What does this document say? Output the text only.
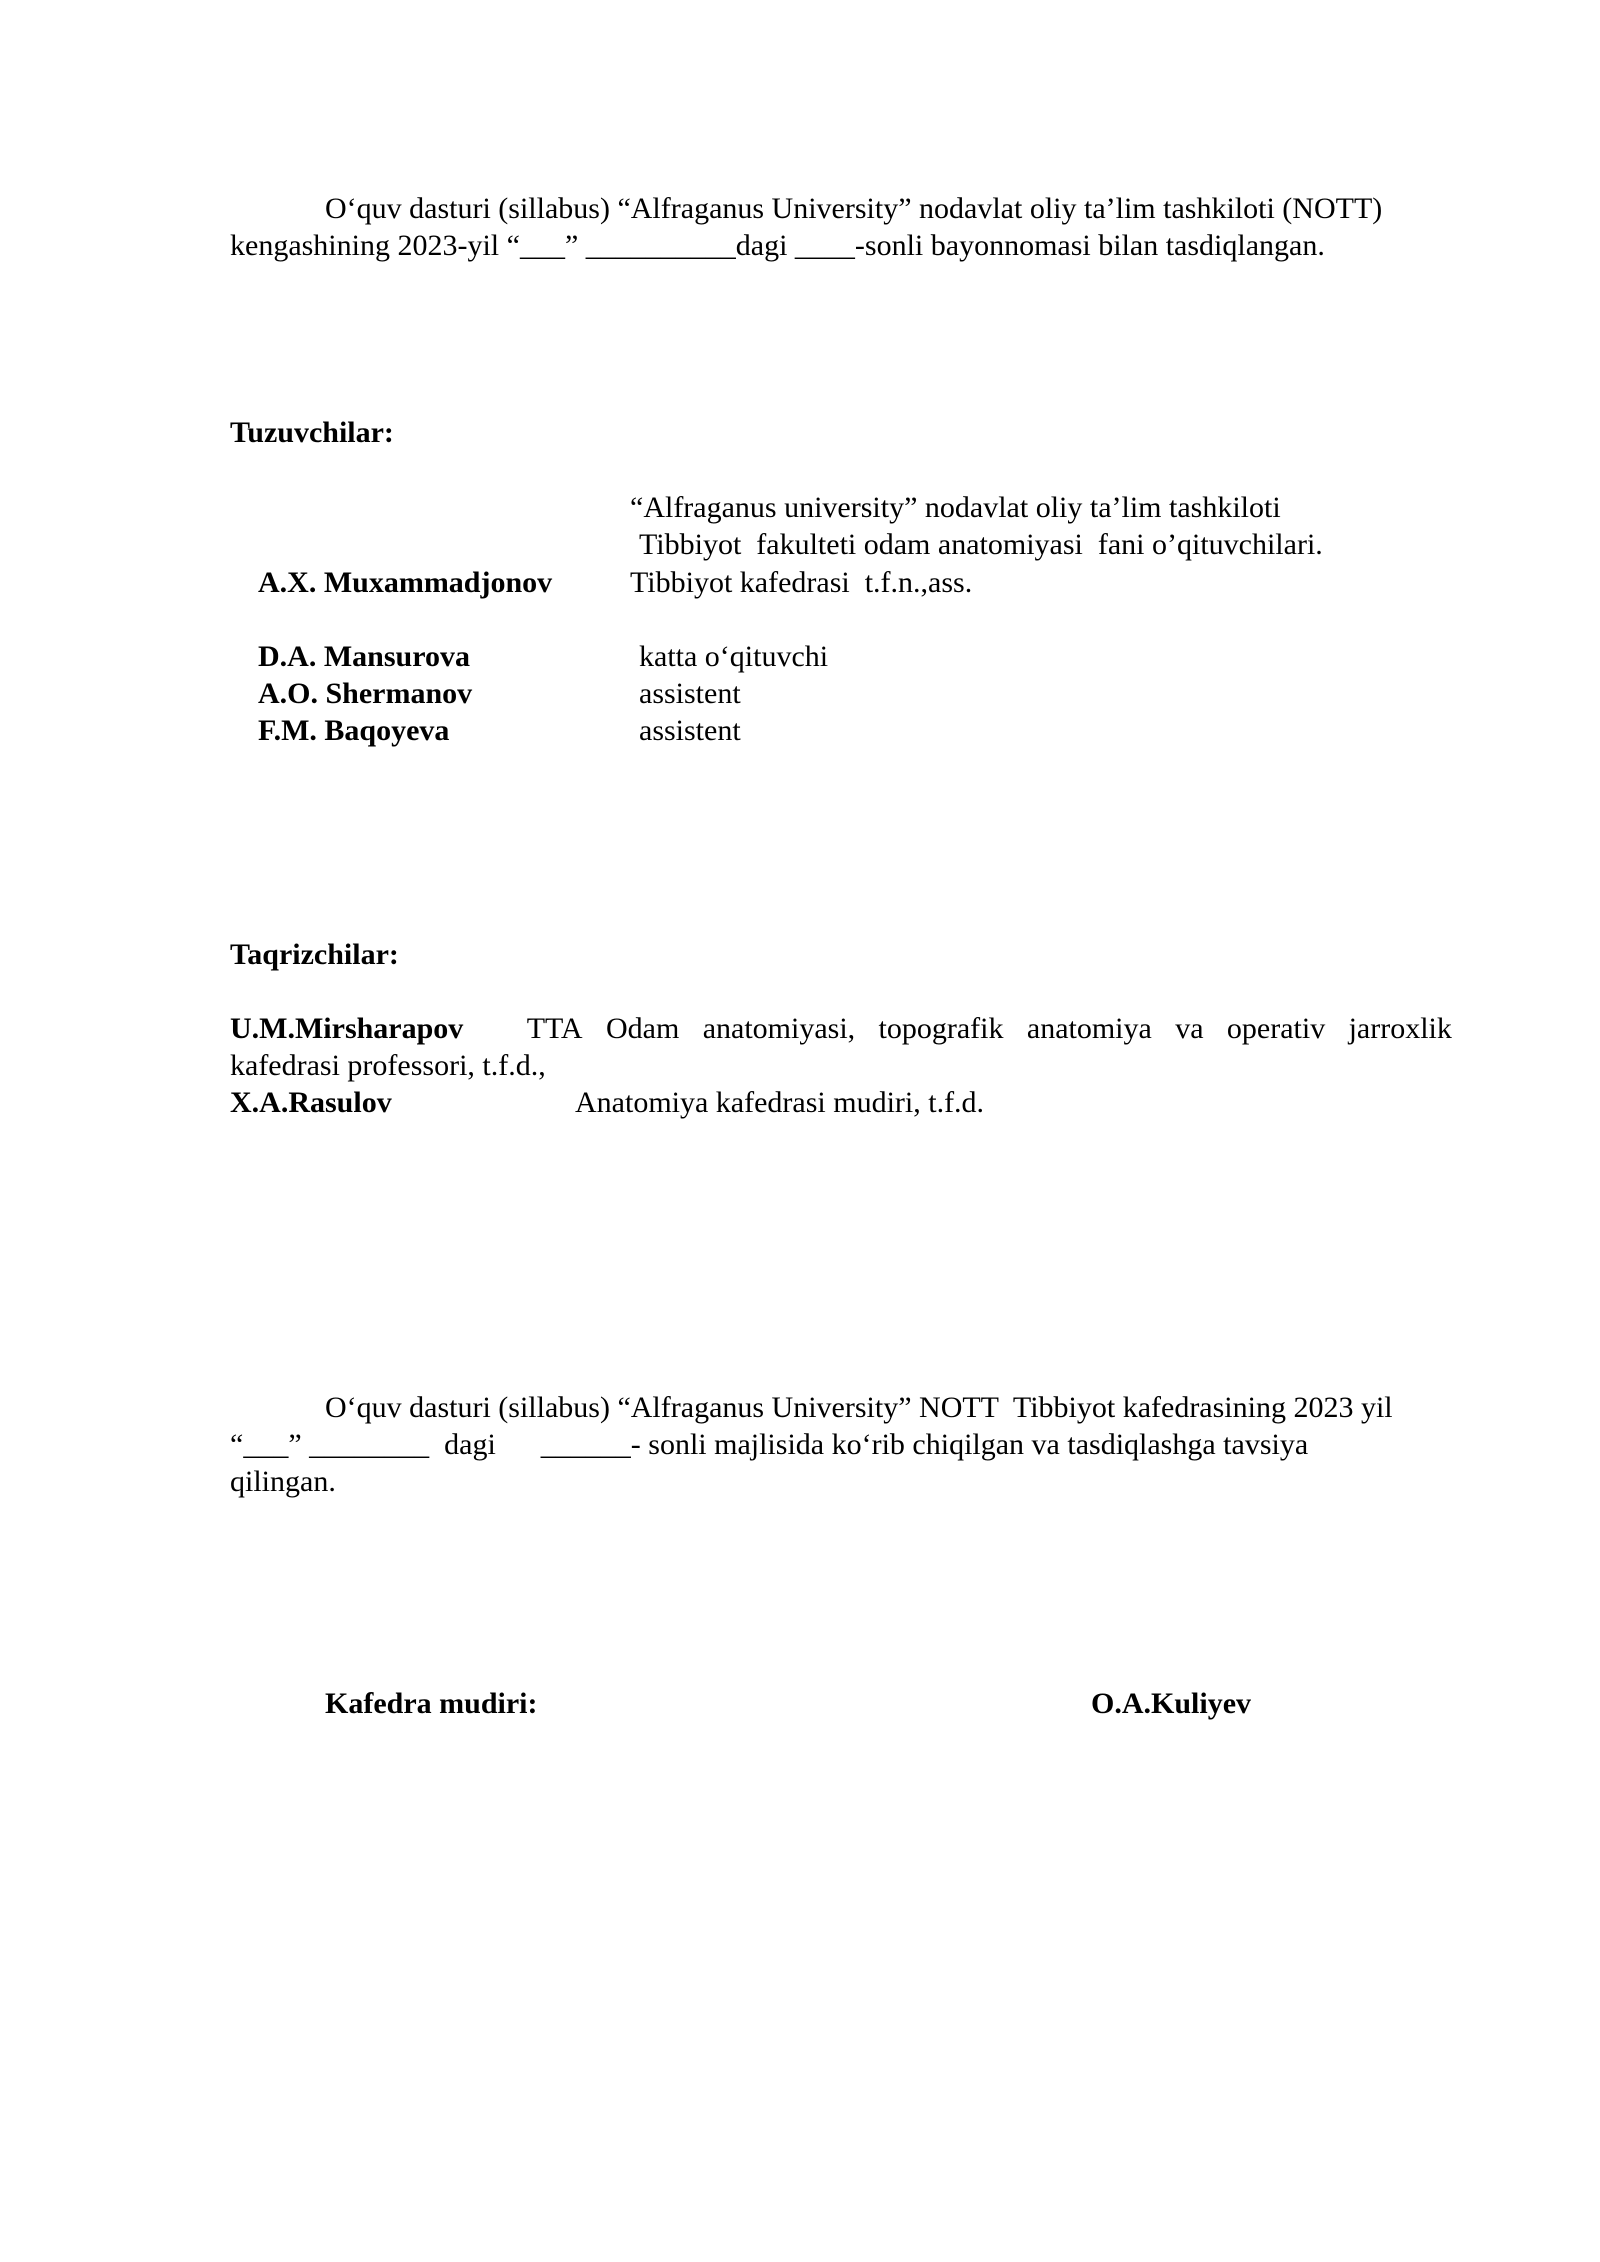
O‘quv dasturi (sillabus) “Alfraganus University” nodavlat oliy ta’lim tashkiloti (NOTT)

kengashining 2023-yil “___” __________dagi ____-sonli bayonnomasi bilan tasdiqlangan.

Tuzuvchilar:
“Alfraganus university” nodavlat oliy ta’lim tashkiloti
Tibbiyot  fakulteti odam anatomiyasi  fani o’qituvchilari.
A.X. Muxammadjonov	Tibbiyot kafedrasi  t.f.n.,ass.
D.A. Mansurova	katta o‘qituvchi
A.O. Shermanov	assistent
F.M. Baqoyeva	assistent
Taqrizchilar:
U.M.Mirsharapov TTA Odam anatomiyasi, topografik anatomiya va operativ jarroxlik
kafedrasi professori, t.f.d.,
X.A.Rasulov	Anatomiya kafedrasi mudiri, t.f.d.

O‘quv dasturi (sillabus) “Alfraganus University” NOTT  Tibbiyot kafedrasining 2023 yil

“___” ________  dagi      ______- sonli majlisida ko‘rib chiqilgan va tasdiqlashga tavsiya

qilingan.

Kafedra mudiri:	O.A.Kuliyev
